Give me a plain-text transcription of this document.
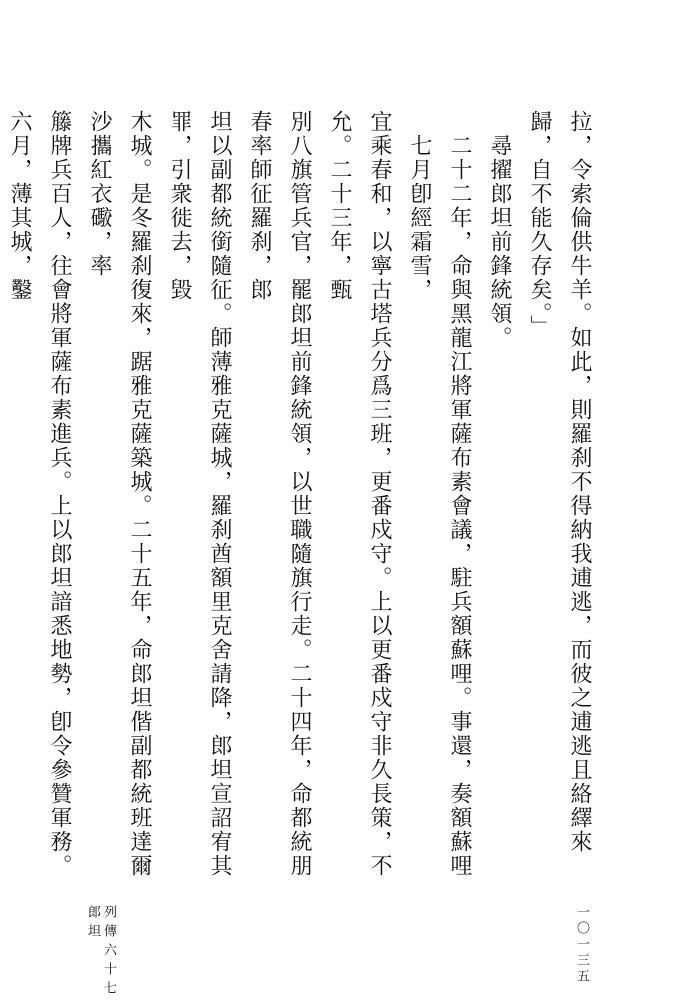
拉，令索倫供牛羊。如此，則羅刹不得納我逋逃，而彼之逋逃且絡繹來歸，自不能久存矣。」
尋擢郎坦前鋒統領。
二十二年，命與黑龍江將軍薩布素會議，駐兵額蘇哩。事還，奏額蘇哩七月卽經霜雪，
宜乘春和，以寧古塔兵分爲三班，更番戍守。上以更番戍守非久長策，不允。二十三年，甄
別八旗管兵官，罷郎坦前鋒統領，以世職隨旗行走。二十四年，命都統朋春率師征羅刹，郎
坦以副都統銜隨征。師薄雅克薩城，羅刹酋額里克舍請降，郎坦宣詔宥其罪，引衆徙去，毀
木城。是冬羅刹復來，踞雅克薩築城。二十五年，命郎坦偕副都統班達爾沙攜紅衣礮，率
籐牌兵百人，往會將軍薩布素進兵。上以郎坦諳悉地勢，卽令參贊軍務。六月，薄其城，鑿
列傳六十七　郎坦	一〇一三五
